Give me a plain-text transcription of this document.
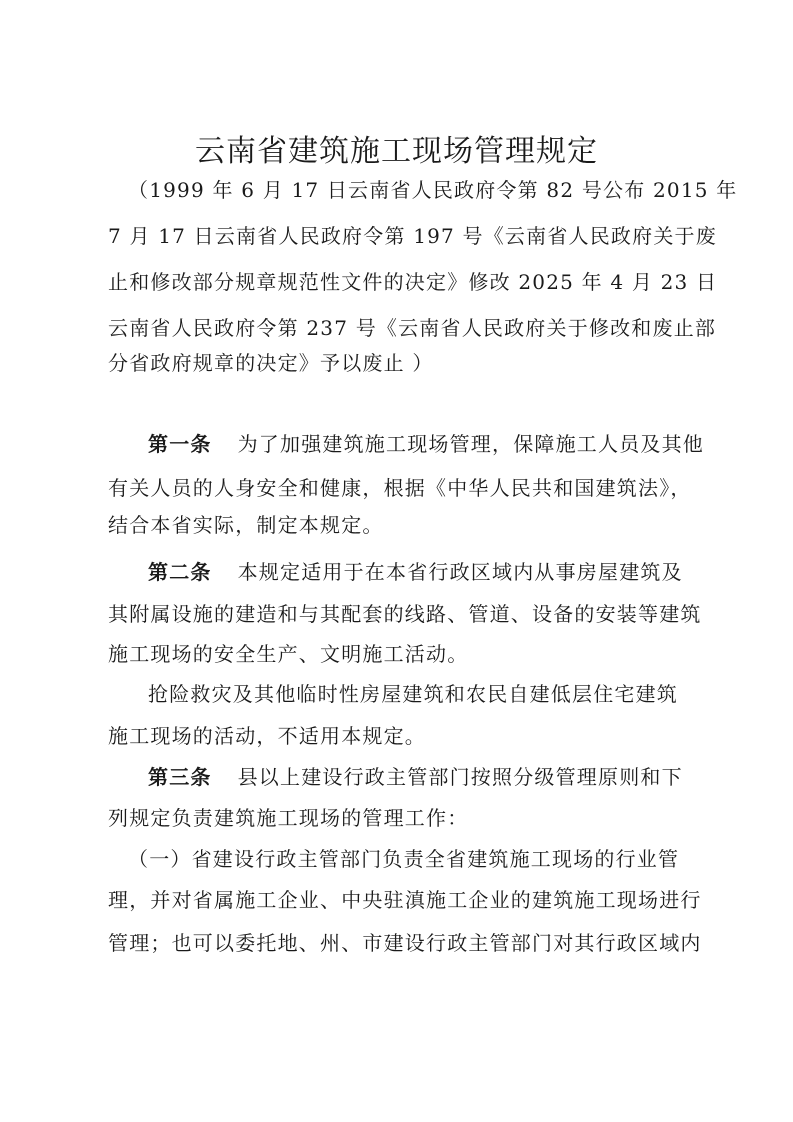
云南省建筑施工现场管理规定
（1999 年 6 月 17 日云南省人民政府令第 82 号公布 2015 年
7 月 17 日云南省人民政府令第 197 号《云南省人民政府关于废
止和修改部分规章规范性文件的决定》修改 2025 年 4 月 23 日
云南省人民政府令第 237 号《云南省人民政府关于修改和废止部
分省政府规章的决定》予以废止 ）
第一条 为了加强建筑施工现场管理，保障施工人员及其他
有关人员的人身安全和健康，根据《中华人民共和国建筑法》，
结合本省实际，制定本规定。
第二条 本规定适用于在本省行政区域内从事房屋建筑及
其附属设施的建造和与其配套的线路、管道、设备的安装等建筑
施工现场的安全生产、文明施工活动。
抢险救灾及其他临时性房屋建筑和农民自建低层住宅建筑
施工现场的活动，不适用本规定。
第三条 县以上建设行政主管部门按照分级管理原则和下
列规定负责建筑施工现场的管理工作：
（一）省建设行政主管部门负责全省建筑施工现场的行业管
理，并对省属施工企业、中央驻滇施工企业的建筑施工现场进行
管理；也可以委托地、州、市建设行政主管部门对其行政区域内
